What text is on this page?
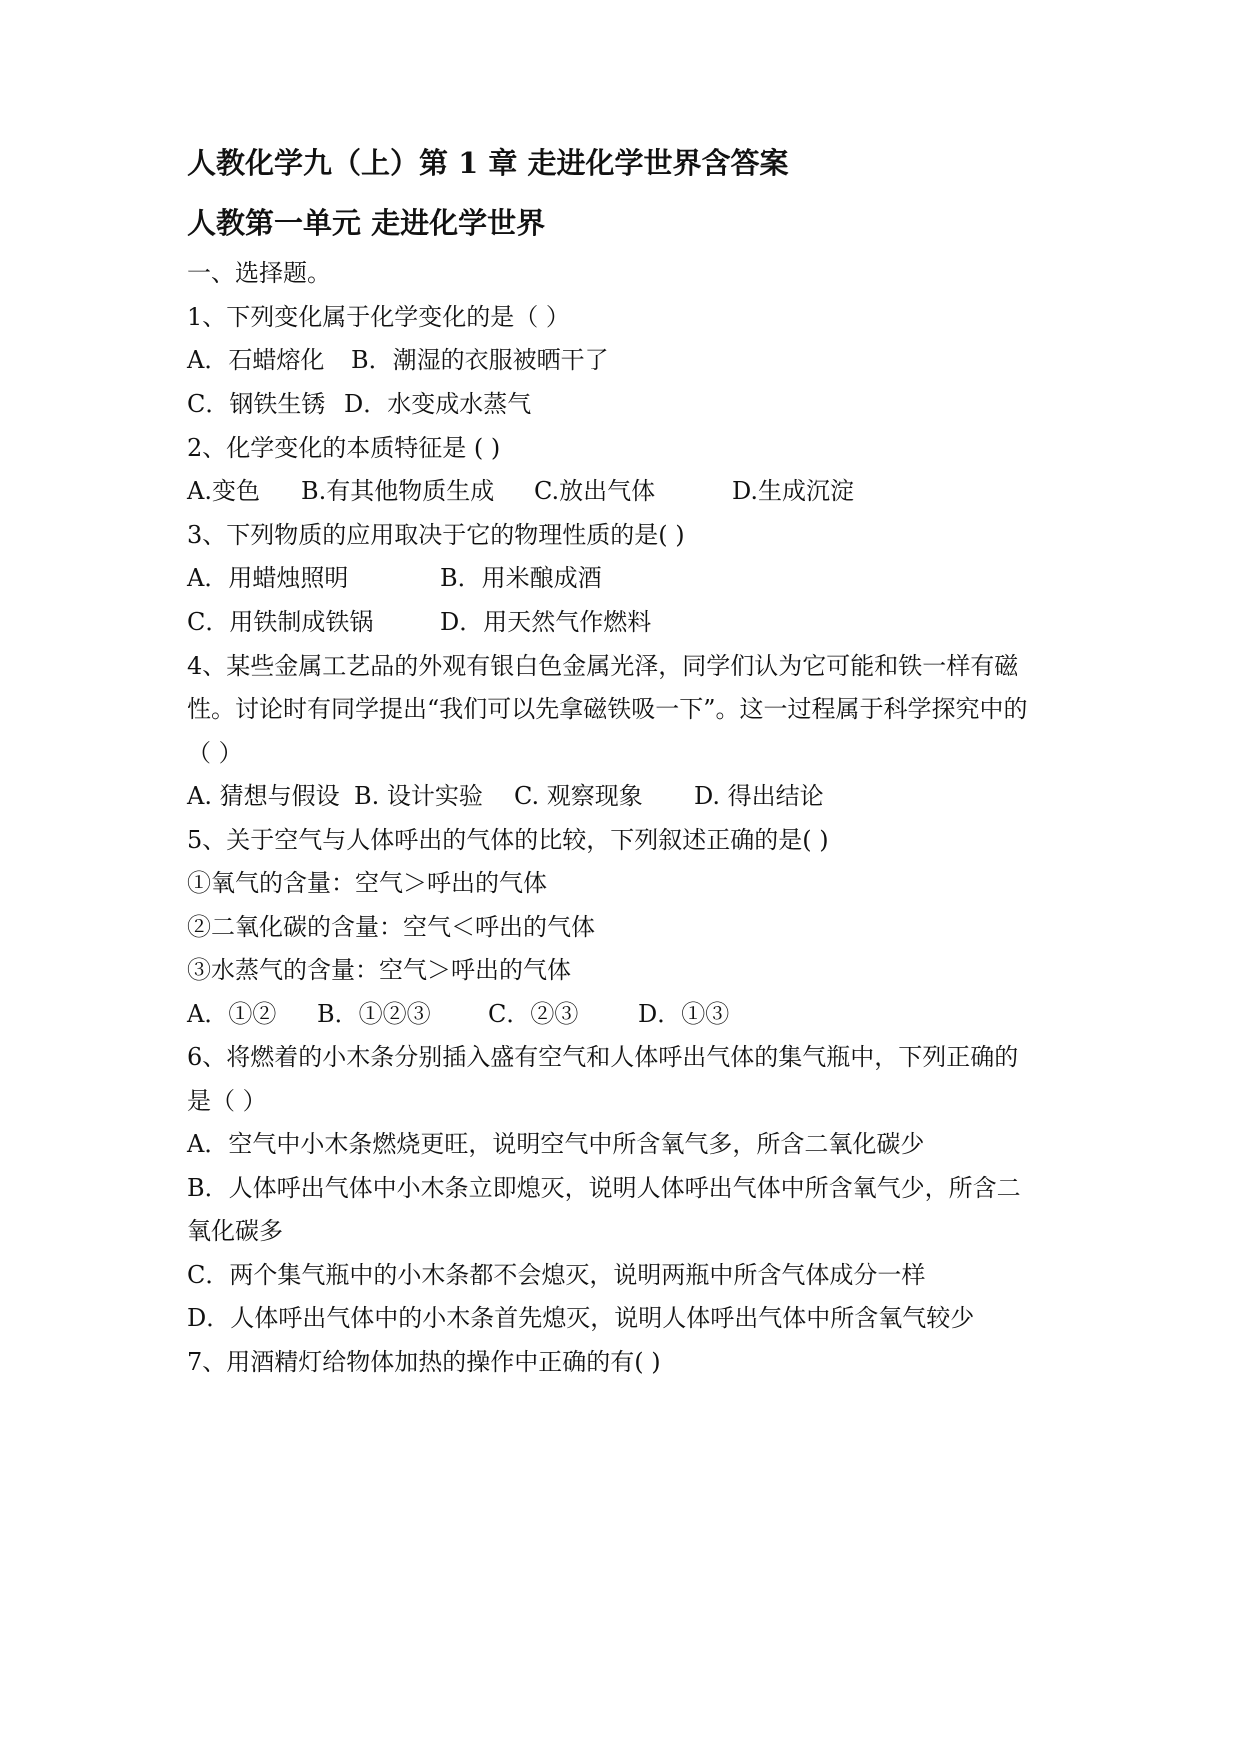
人教化学九（上）第 1 章 走进化学世界含答案
人教第一单元 走进化学世界
一、选择题。
1、下列变化属于化学变化的是（ ）
A．石蜡熔化 B．潮湿的衣服被晒干了
C．钢铁生锈 D．水变成水蒸气
2、化学变化的本质特征是 ( )
A.变色 B.有其他物质生成 C.放出气体	D.生成沉淀
3、下列物质的应用取决于它的物理性质的是( )
A．用蜡烛照明	B．用米酿成酒
C．用铁制成铁锅	D．用天然气作燃料
4、某些金属工艺品的外观有银白色金属光泽，同学们认为它可能和铁一样有磁
性。讨论时有同学提出“我们可以先拿磁铁吸一下”。这一过程属于科学探究中的
（ ）
A. 猜想与假设 B. 设计实验 C. 观察现象 D. 得出结论
5、关于空气与人体呼出的气体的比较，下列叙述正确的是( )
①氧气的含量：空气＞呼出的气体
②二氧化碳的含量：空气＜呼出的气体
③水蒸气的含量：空气＞呼出的气体
A．①② B．①②③ C．②③ D．①③
6、将燃着的小木条分别插入盛有空气和人体呼出气体的集气瓶中，下列正确的
是（ ）
A．空气中小木条燃烧更旺，说明空气中所含氧气多，所含二氧化碳少
B．人体呼出气体中小木条立即熄灭，说明人体呼出气体中所含氧气少，所含二
氧化碳多
C．两个集气瓶中的小木条都不会熄灭，说明两瓶中所含气体成分一样
D．人体呼出气体中的小木条首先熄灭，说明人体呼出气体中所含氧气较少
7、用酒精灯给物体加热的操作中正确的有( )
